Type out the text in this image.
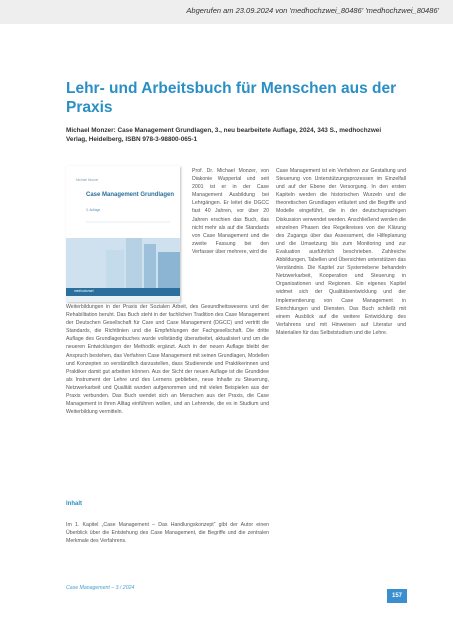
Abgerufen am 23.09.2024 von 'medhochzwei_80486' 'medhochzwei_80486'
Lehr- und Arbeitsbuch für Menschen aus der Praxis
Michael Monzer: Case Management Grundlagen, 3., neu bearbeitete Auflage, 2024, 343 S., medhochzwei Verlag, Heidelberg, ISBN 978-3-98800-065-1
Michael Monzer
Case Management Grundlagen
3. Auflage
medhochzwei

Prof. Dr. Michael Monzer, von Diakonie Wuppertal und seit 2001 ist er in der Case Management Ausbildung bei Lehrgängen. Er leitet die DGCC fast 40 Jahren, vor über 20 Jahren erschien das Buch, das nicht mehr als auf die Standards von Case Management und die zweite Fassung bei den Verfasser über mehrere, wird die

Weiterbildungen in der Praxis der Sozialen Arbeit, des Gesundheitswesens und der Rehabilitation beruht. Das Buch steht in der fachlichen Tradition des Case Management der Deutschen Gesellschaft für Care und Case Management (DGCC) und vertritt die Standards, die Richtlinien und die Empfehlungen der Fachgesellschaft. Die dritte Auflage des Grundlagenbuches wurde vollständig überarbeitet, aktualisiert und um die neueren Entwicklungen der Methodik ergänzt. Auch in der neuen Auflage bleibt der Anspruch bestehen, das Verfahren Case Management mit seinen Grundlagen, Modellen und Konzepten so verständlich darzustellen, dass Studierende und Praktikerinnen und Praktiker damit gut arbeiten können. Aus der Sicht der neuen Auflage ist die Grundidee als Instrument der Lehre und des Lernens geblieben, neue Inhalte zu Steuerung, Netzwerkarbeit und Qualität wurden aufgenommen und mit vielen Beispielen aus der Praxis verbunden. Das Buch wendet sich an Menschen aus der Praxis, die Case Management in ihren Alltag einführen wollen, und an Lehrende, die es in Studium und Weiterbildung vermitteln.

Case Management ist ein Verfahren zur Gestaltung und Steuerung von Unterstützungsprozessen im Einzelfall und auf der Ebene der Versorgung. In den ersten Kapiteln werden die historischen Wurzeln und die theoretischen Grundlagen erläutert und die Begriffe und Modelle eingeführt, die in der deutschsprachigen Diskussion verwendet werden. Anschließend werden die einzelnen Phasen des Regelkreises von der Klärung des Zugangs über das Assessment, die Hilfeplanung und die Umsetzung bis zum Monitoring und zur Evaluation ausführlich beschrieben. Zahlreiche Abbildungen, Tabellen und Übersichten unterstützen das Verständnis. Die Kapitel zur Systemebene behandeln Netzwerkarbeit, Kooperation und Steuerung in Organisationen und Regionen. Ein eigenes Kapitel widmet sich der Qualitätsentwicklung und der Implementierung von Case Management in Einrichtungen und Diensten. Das Buch schließt mit einem Ausblick auf die weitere Entwicklung des Verfahrens und mit Hinweisen auf Literatur und Materialien für das Selbststudium und die Lehre.

Inhalt

Im 1. Kapitel „Case Management – Das Handlungskonzept“ gibt der Autor einen Überblick über die Entstehung des Case Management, die Begriffe und die zentralen Merkmale des Verfahrens.

Case Management – 3 / 2024
157
